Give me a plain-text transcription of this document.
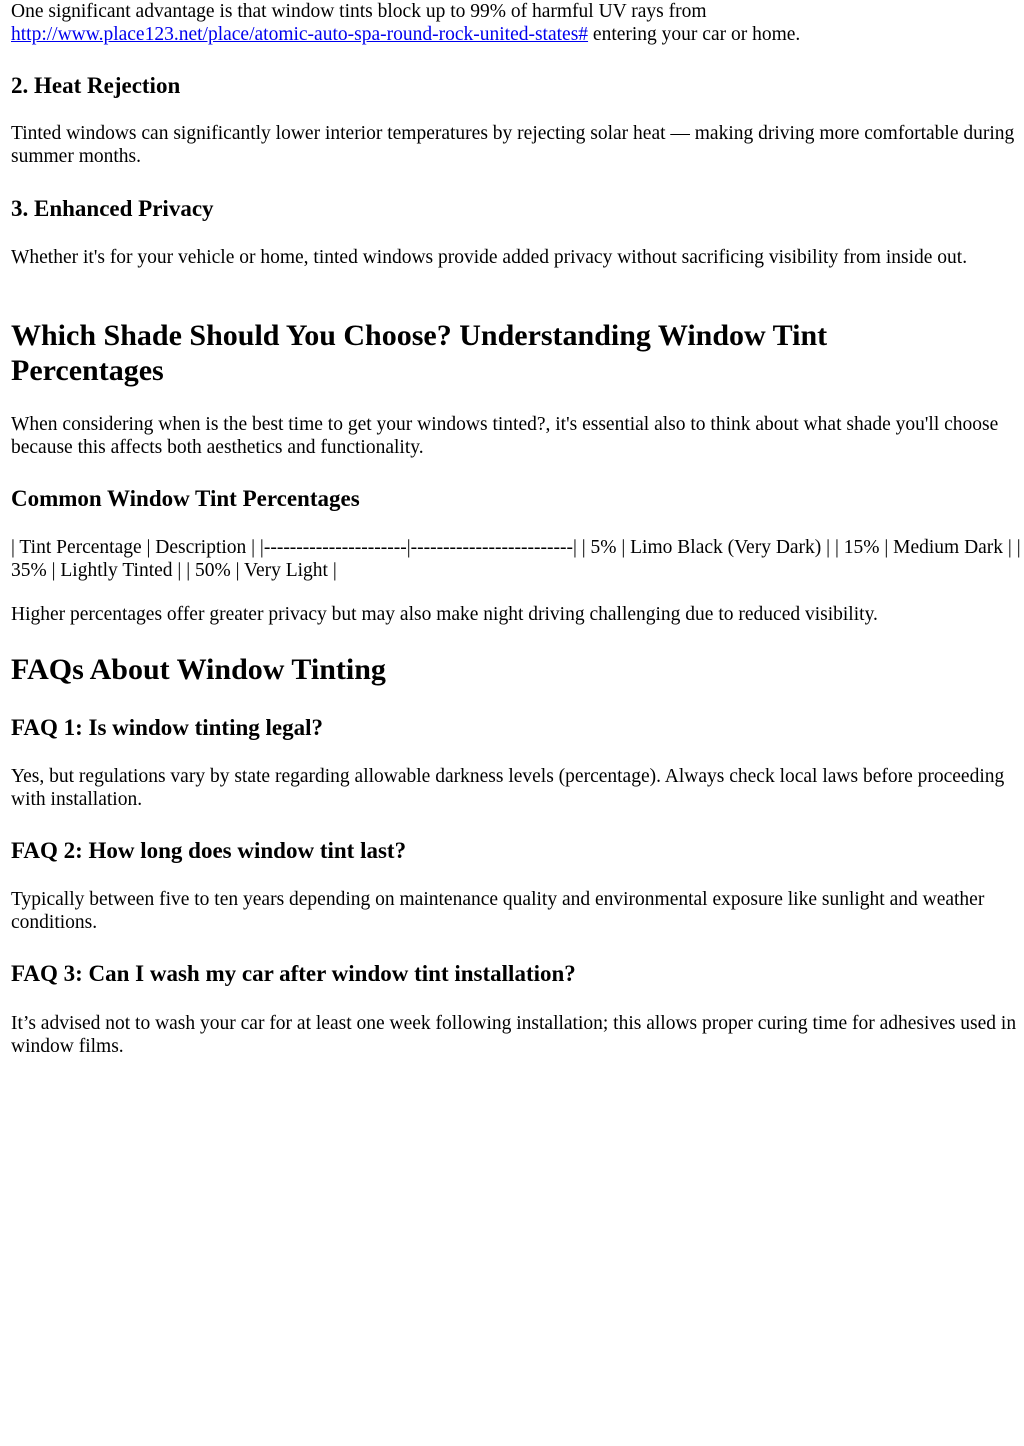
One significant advantage is that window tints block up to 99% of harmful UV rays from
http://www.place123.net/place/atomic-auto-spa-round-rock-united-states# entering your car or home.

2. Heat Rejection

Tinted windows can significantly lower interior temperatures by rejecting solar heat — making driving more comfortable during summer months.

3. Enhanced Privacy

Whether it's for your vehicle or home, tinted windows provide added privacy without sacrificing visibility from inside out.

Which Shade Should You Choose? Understanding Window Tint Percentages

When considering when is the best time to get your windows tinted?, it's essential also to think about what shade you'll choose because this affects both aesthetics and functionality.

Common Window Tint Percentages

| Tint Percentage | Description | |----------------------|-------------------------| | 5% | Limo Black (Very Dark) | | 15% | Medium Dark | | 35% | Lightly Tinted | | 50% | Very Light |

Higher percentages offer greater privacy but may also make night driving challenging due to reduced visibility.

FAQs About Window Tinting
FAQ 1: Is window tinting legal?

Yes, but regulations vary by state regarding allowable darkness levels (percentage). Always check local laws before proceeding with installation.

FAQ 2: How long does window tint last?

Typically between five to ten years depending on maintenance quality and environmental exposure like sunlight and weather conditions.

FAQ 3: Can I wash my car after window tint installation?

It’s advised not to wash your car for at least one week following installation; this allows proper curing time for adhesives used in window films.
